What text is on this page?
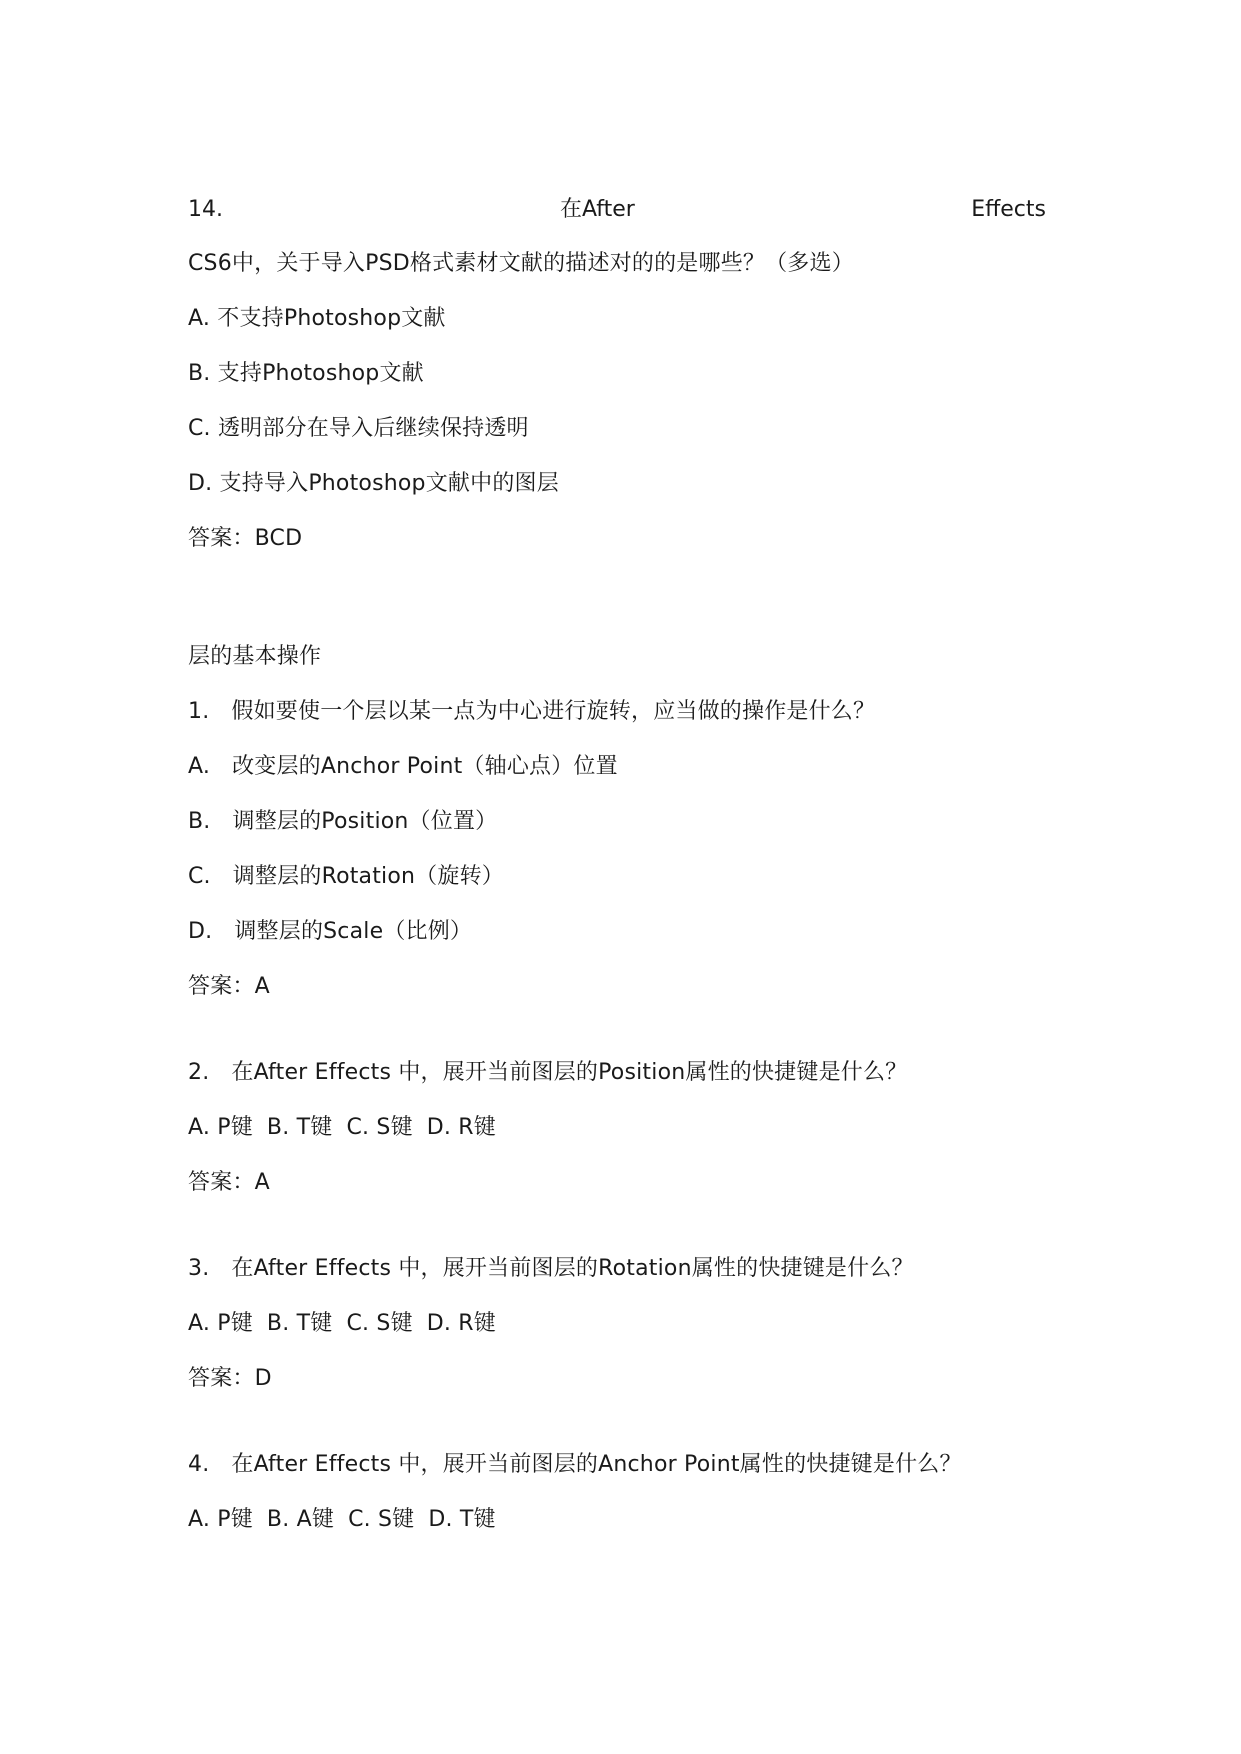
14.	在After	Effects
CS6中，关于导入PSD格式素材文献的描述对的的是哪些？（多选）
A. 不支持Photoshop文献
B. 支持Photoshop文献
C. 透明部分在导入后继续保持透明
D. 支持导入Photoshop文献中的图层
答案：BCD
层的基本操作
1. 假如要使一个层以某一点为中心进行旋转，应当做的操作是什么？
A. 改变层的Anchor Point（轴心点）位置
B. 调整层的Position（位置）
C. 调整层的Rotation（旋转）
D. 调整层的Scale（比例）
答案：A
2. 在After Effects 中，展开当前图层的Position属性的快捷键是什么？
A. P键 B. T键 C. S键 D. R键
答案：A
3. 在After Effects 中，展开当前图层的Rotation属性的快捷键是什么？
A. P键 B. T键 C. S键 D. R键
答案：D
4. 在After Effects 中，展开当前图层的Anchor Point属性的快捷键是什么？
A. P键 B. A键 C. S键 D. T键
